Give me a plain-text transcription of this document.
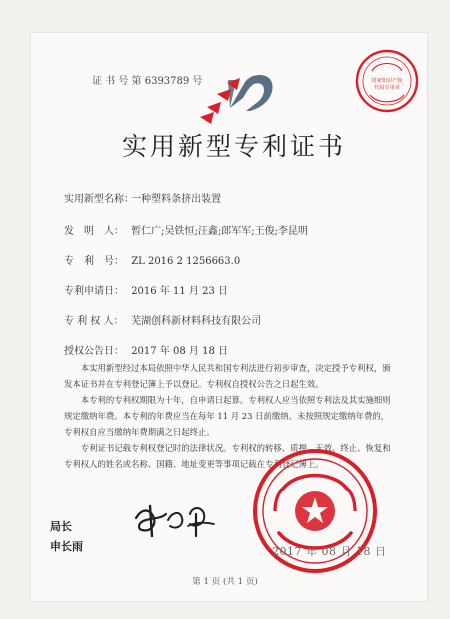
证 书 号 第 6393789 号	国家知识产权
代码专用章
实用新型专利证书
实用新型名称： 一种塑料条挤出装置
发　明　人： 暂仁广;吴铁恒;汪鑫;郎军军;王俊;李昆明
专　利　号： ZL 2016 2 1256663.0
专利申请日： 2016 年 11 月 23 日
专 利 权 人： 芜湖创科新材料科技有限公司
授权公告日： 2017 年 08 月 18 日

本实用新型经过本局依照中华人民共和国专利法进行初步审查，决定授予专利权，颁发本证书并在专利登记簿上予以登记。专利权自授权公告之日起生效。

本专利的专利权期限为十年，自申请日起算。专利权人应当依照专利法及其实施细则规定缴纳年费。本专利的年费应当在每年 11 月 23 日前缴纳。未按照规定缴纳年费的，专利权自应当缴纳年费期满之日起终止。

专利证书记载专利权登记时的法律状况。专利权的转移、质押、无效、终止、恢复和专利权人的姓名或名称、国籍、地址变更等事项记载在专利登记簿上。

局长
申长雨	2017 年 08 月 18 日
第 1 页 (共 1 页)
